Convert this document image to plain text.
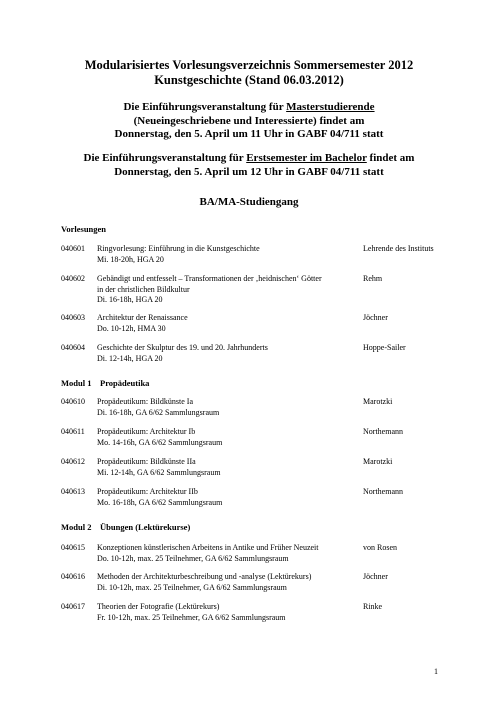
Modularisiertes Vorlesungsverzeichnis Sommersemester 2012
Kunstgeschichte (Stand 06.03.2012)
Die Einführungsveranstaltung für Masterstudierende
(Neueingeschriebene und Interessierte) findet am
Donnerstag, den 5. April um 11 Uhr in GABF 04/711 statt
Die Einführungsveranstaltung für Erstsemester im Bachelor findet am
Donnerstag, den 5. April um 12 Uhr in GABF 04/711 statt
BA/MA-Studiengang
Vorlesungen
040601 Ringvorlesung: Einführung in die Kunstgeschichte
Mi. 18-20h, HGA 20
Lehrende des Instituts
040602 Gebändigt und entfesselt – Transformationen der ‚heidnischen‘ Götter
in der christlichen Bildkultur
Di. 16-18h, HGA 20
Rehm
040603 Architektur der Renaissance
Do. 10-12h, HMA 30
Jöchner
040604 Geschichte der Skulptur des 19. und 20. Jahrhunderts
Di. 12-14h, HGA 20
Hoppe-Sailer
Modul 1 Propädeutika
040610 Propädeutikum: Bildkünste Ia
Di. 16-18h, GA 6/62 Sammlungsraum
Marotzki
040611 Propädeutikum: Architektur Ib
Mo. 14-16h, GA 6/62 Sammlungsraum
Northemann
040612 Propädeutikum: Bildkünste IIa
Mi. 12-14h, GA 6/62 Sammlungsraum
Marotzki
040613 Propädeutikum: Architektur IIb
Mo. 16-18h, GA 6/62 Sammlungsraum
Northemann
Modul 2 Übungen (Lektürekurse)
040615 Konzeptionen künstlerischen Arbeitens in Antike und Früher Neuzeit
Do. 10-12h, max. 25 Teilnehmer, GA 6/62 Sammlungsraum
von Rosen
040616 Methoden der Architekturbeschreibung und -analyse (Lektürekurs)
Di. 10-12h, max. 25 Teilnehmer, GA 6/62 Sammlungsraum
Jöchner
040617 Theorien der Fotografie (Lektürekurs)
Fr. 10-12h, max. 25 Teilnehmer, GA 6/62 Sammlungsraum
Rinke
1
